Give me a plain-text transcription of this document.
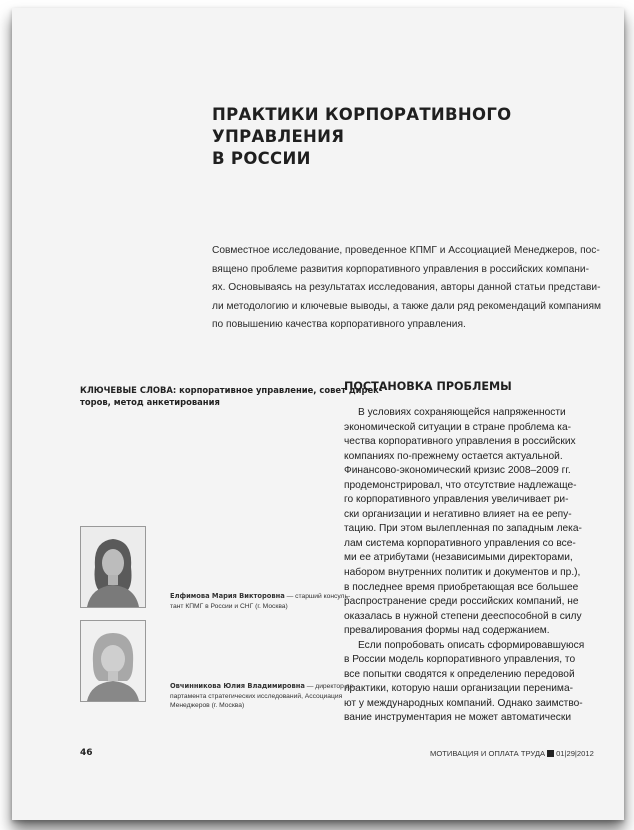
ПРАКТИКИ КОРПОРАТИВНОГО УПРАВЛЕНИЯ
В РОССИИ
Совместное исследование, проведенное КПМГ и Ассоциацией Менеджеров, пос-
вящено проблеме развития корпоративного управления в российских компани-
ях. Основываясь на результатах исследования, авторы данной статьи представи-
ли методологию и ключевые выводы, а также дали ряд рекомендаций компаниям
по повышению качества корпоративного управления.
КЛЮЧЕВЫЕ СЛОВА: корпоративное управление, совет дирек-
торов, метод анкетирования
ПОСТАНОВКА ПРОБЛЕМЫ
В условиях сохраняющейся напряженности
экономической ситуации в стране проблема ка-
чества корпоративного управления в российских
компаниях по-прежнему остается актуальной.
Финансово-экономический кризис 2008–2009 гг.
продемонстрировал, что отсутствие надлежаще-
го корпоративного управления увеличивает ри-
ски организации и негативно влияет на ее репу-
тацию. При этом вылепленная по западным лека-
лам система корпоративного управления со все-
ми ее атрибутами (независимыми директорами,
набором внутренних политик и документов и пр.),
в последнее время приобретающая все большее
распространение среди российских компаний, не
оказалась в нужной степени дееспособной в силу
превалирования формы над содержанием.
Если попробовать описать сформировавшуюся
в России модель корпоративного управления, то
все попытки сводятся к определению передовой
практики, которую наши организации перенима-
ют у международных компаний. Однако заимство-
вание инструментария не может автоматически
Елфимова Мария Викторовна — старший консуль-
тант КПМГ в России и СНГ (г. Москва)
Овчинникова Юлия Владимировна — директор де-
партамента стратегических исследований, Ассоциация
Менеджеров (г. Москва)
46	МОТИВАЦИЯ И ОПЛАТА ТРУДА 01|29|2012
